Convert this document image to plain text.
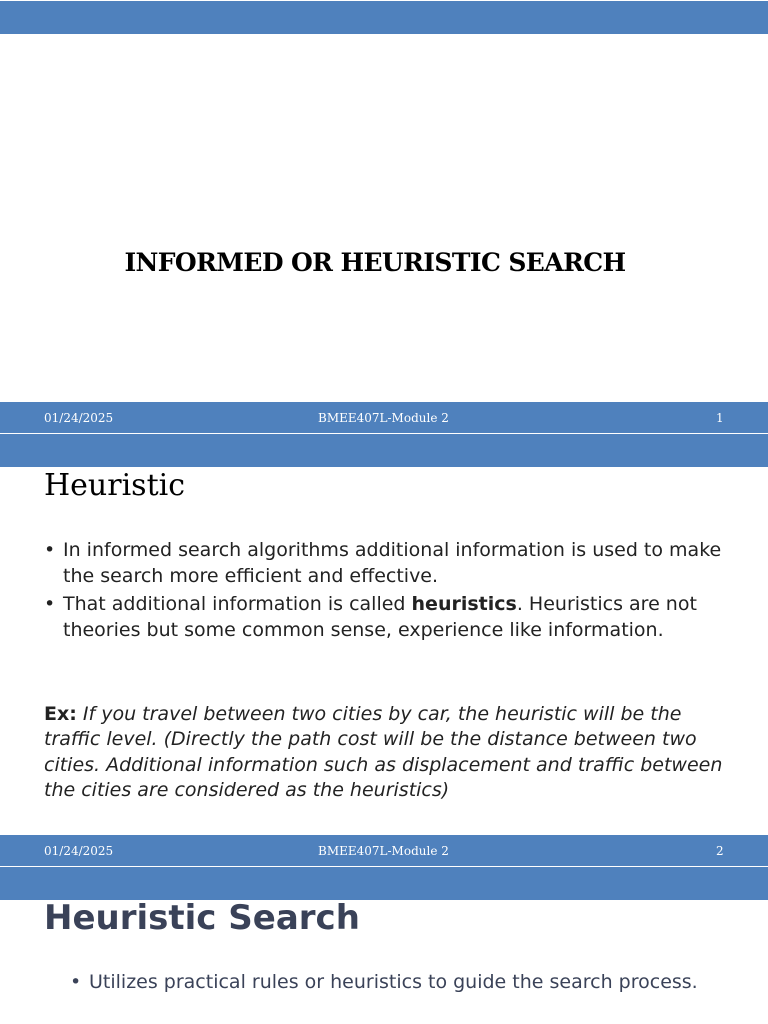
INFORMED OR HEURISTIC SEARCH
01/24/2025	BMEE407L-Module 2	1
Heuristic
• In informed search algorithms additional information is used to make the search more efficient and effective.
• That additional information is called heuristics. Heuristics are not theories but some common sense, experience like information.
Ex: If you travel between two cities by car, the heuristic will be the traffic level. (Directly the path cost will be the distance between two cities. Additional information such as displacement and traffic between the cities are considered as the heuristics)
01/24/2025	BMEE407L-Module 2	2
Heuristic Search
• Utilizes practical rules or heuristics to guide the search process.
